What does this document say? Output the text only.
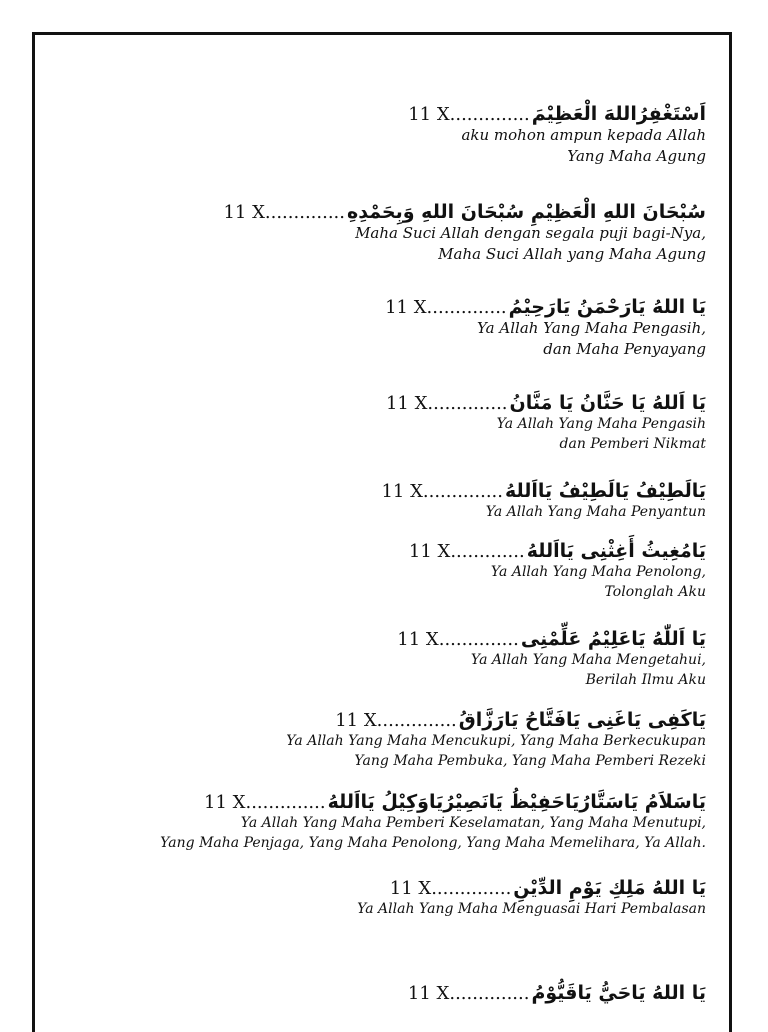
11 X.............. اَسْتَغْفِرُاللهَ الْعَظِيْمَ
aku mohon ampun kepada Allah
Yang Maha Agung
11 X.............. سُبْحَانَ اللهِ الْعَظِيْمِ سُبْحَانَ اللهِ وَبِحَمْدِهِ
Maha Suci Allah dengan segala puji bagi-Nya,
Maha Suci Allah yang Maha Agung
11 X.............. يَا اللهُ يَارَحْمَنُ يَارَحِيْمُ
Ya Allah Yang Maha Pengasih,
dan Maha Penyayang
11 X.............. يَا اَللهُ يَا حَنَّانُ يَا مَنَّانُ
Ya Allah Yang Maha Pengasih
dan Pemberi Nikmat
11 X.............. يَالَطِيْفُ يَالَطِيْفُ يَااَللهُ
Ya Allah Yang Maha Penyantun
11 X............. يَامُغِيثُ أَغِثْنِى يَااَللهُ
Ya Allah Yang Maha Penolong,
Tolonglah Aku
11 X.............. يَا اَللّٰهُ يَاعَلِيْمُ عَلِّمْنِى
Ya Allah Yang Maha Mengetahui,
Berilah Ilmu Aku
11 X.............. يَاكَفِى يَاغَنِى يَافَتَّاحُ يَارَزَّاقُ
Ya Allah Yang Maha Mencukupi, Yang Maha Berkecukupan
Yang Maha Pembuka, Yang Maha Pemberi Rezeki
11 X.............. يَاسَلاَمُ يَاسَتَّارُيَاحَفِيْظُ يَانَصِيْرُيَاوَكِيْلُ يَااَللهُ
Ya Allah Yang Maha Pemberi Keselamatan, Yang Maha Menutupi,
Yang Maha Penjaga, Yang Maha Penolong, Yang Maha Memelihara, Ya Allah.
11 X.............. يَا اللهُ مَلِكِ يَوْمِ الدِّيْنِ
Ya Allah Yang Maha Menguasai Hari Pembalasan
11 X.............. يَا اللهُ يَاحَيُّ يَاقَيُّوْمُ
